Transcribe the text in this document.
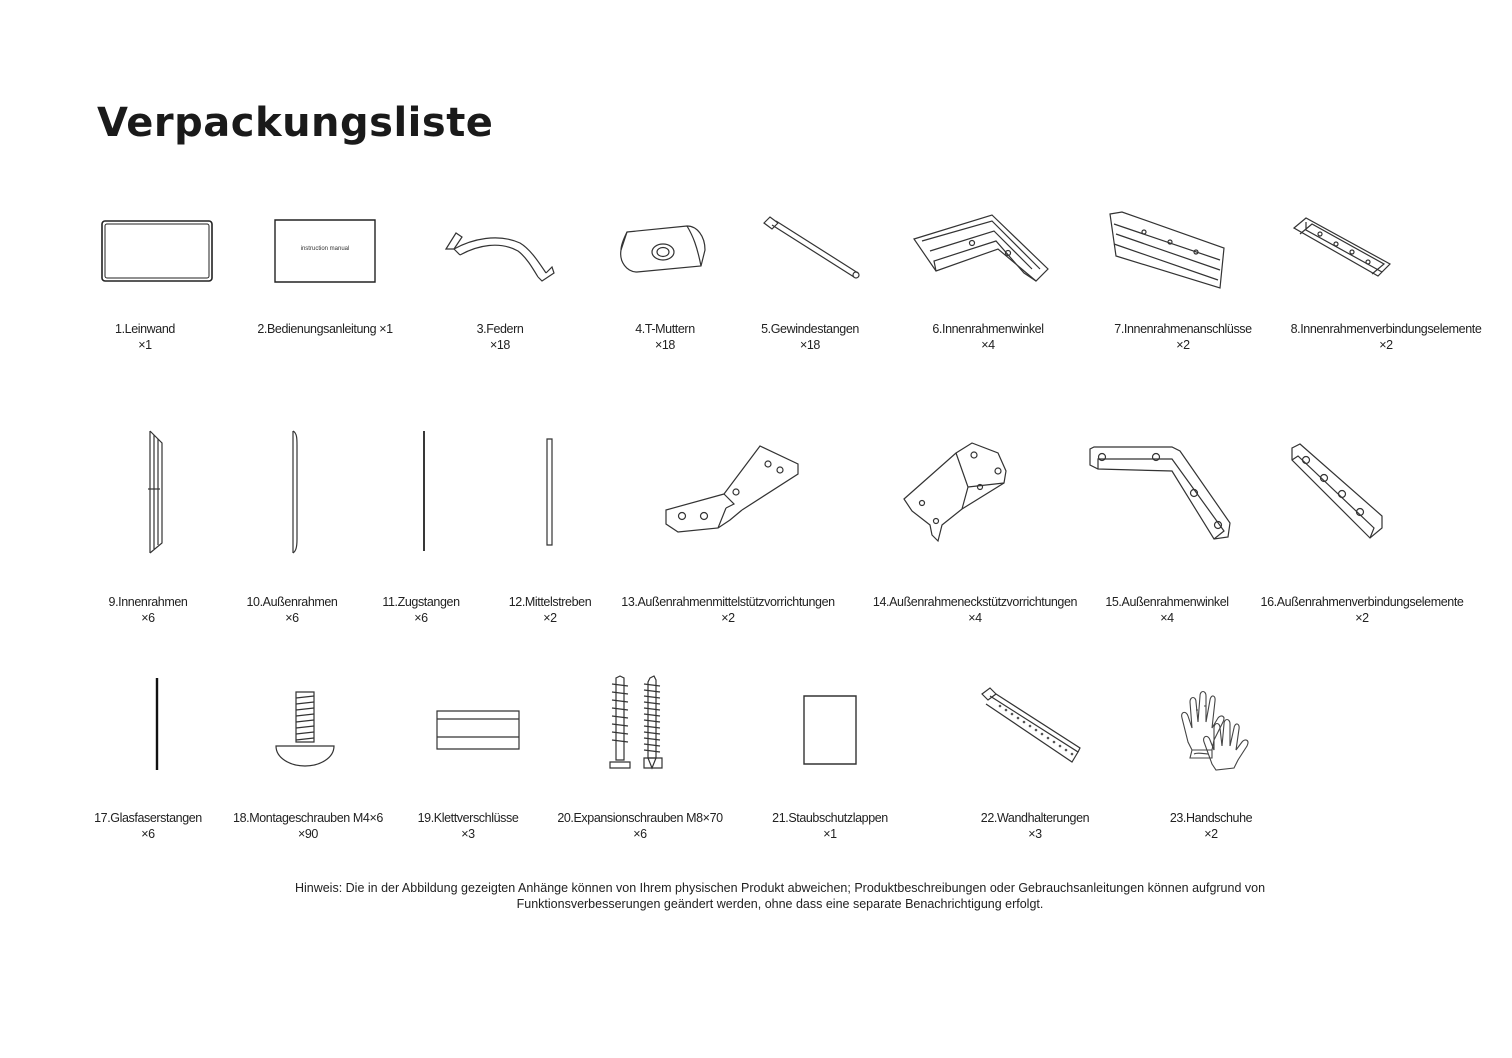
Verpackungsliste
1.Leinwand
×1
instruction manual
2.Bedienungsanleitung ×1	3.Federn
×18
4.T-Muttern
×18
5.Gewindestangen
×18
6.Innenrahmenwinkel
×4
7.Innenrahmenanschlüsse
×2
8.Innenrahmenverbindungselemente
×2
9.Innenrahmen
×6
10.Außenrahmen
×6
11.Zugstangen
×6
12.Mittelstreben
×2
13.Außenrahmenmittelstützvorrichtungen
×2
14.Außenrahmeneckstützvorrichtungen
×4
15.Außenrahmenwinkel
×4
16.Außenrahmenverbindungselemente
×2
17.Glasfaserstangen
×6
18.Montageschrauben M4×6
×90
19.Klettverschlüsse
×3
20.Expansionschrauben M8×70
×6
21.Staubschutzlappen
×1
22.Wandhalterungen
×3
23.Handschuhe
×2
Hinweis: Die in der Abbildung gezeigten Anhänge können von Ihrem physischen Produkt abweichen; Produktbeschreibungen oder Gebrauchsanleitungen können aufgrund von
Funktionsverbesserungen geändert werden, ohne dass eine separate Benachrichtigung erfolgt.
